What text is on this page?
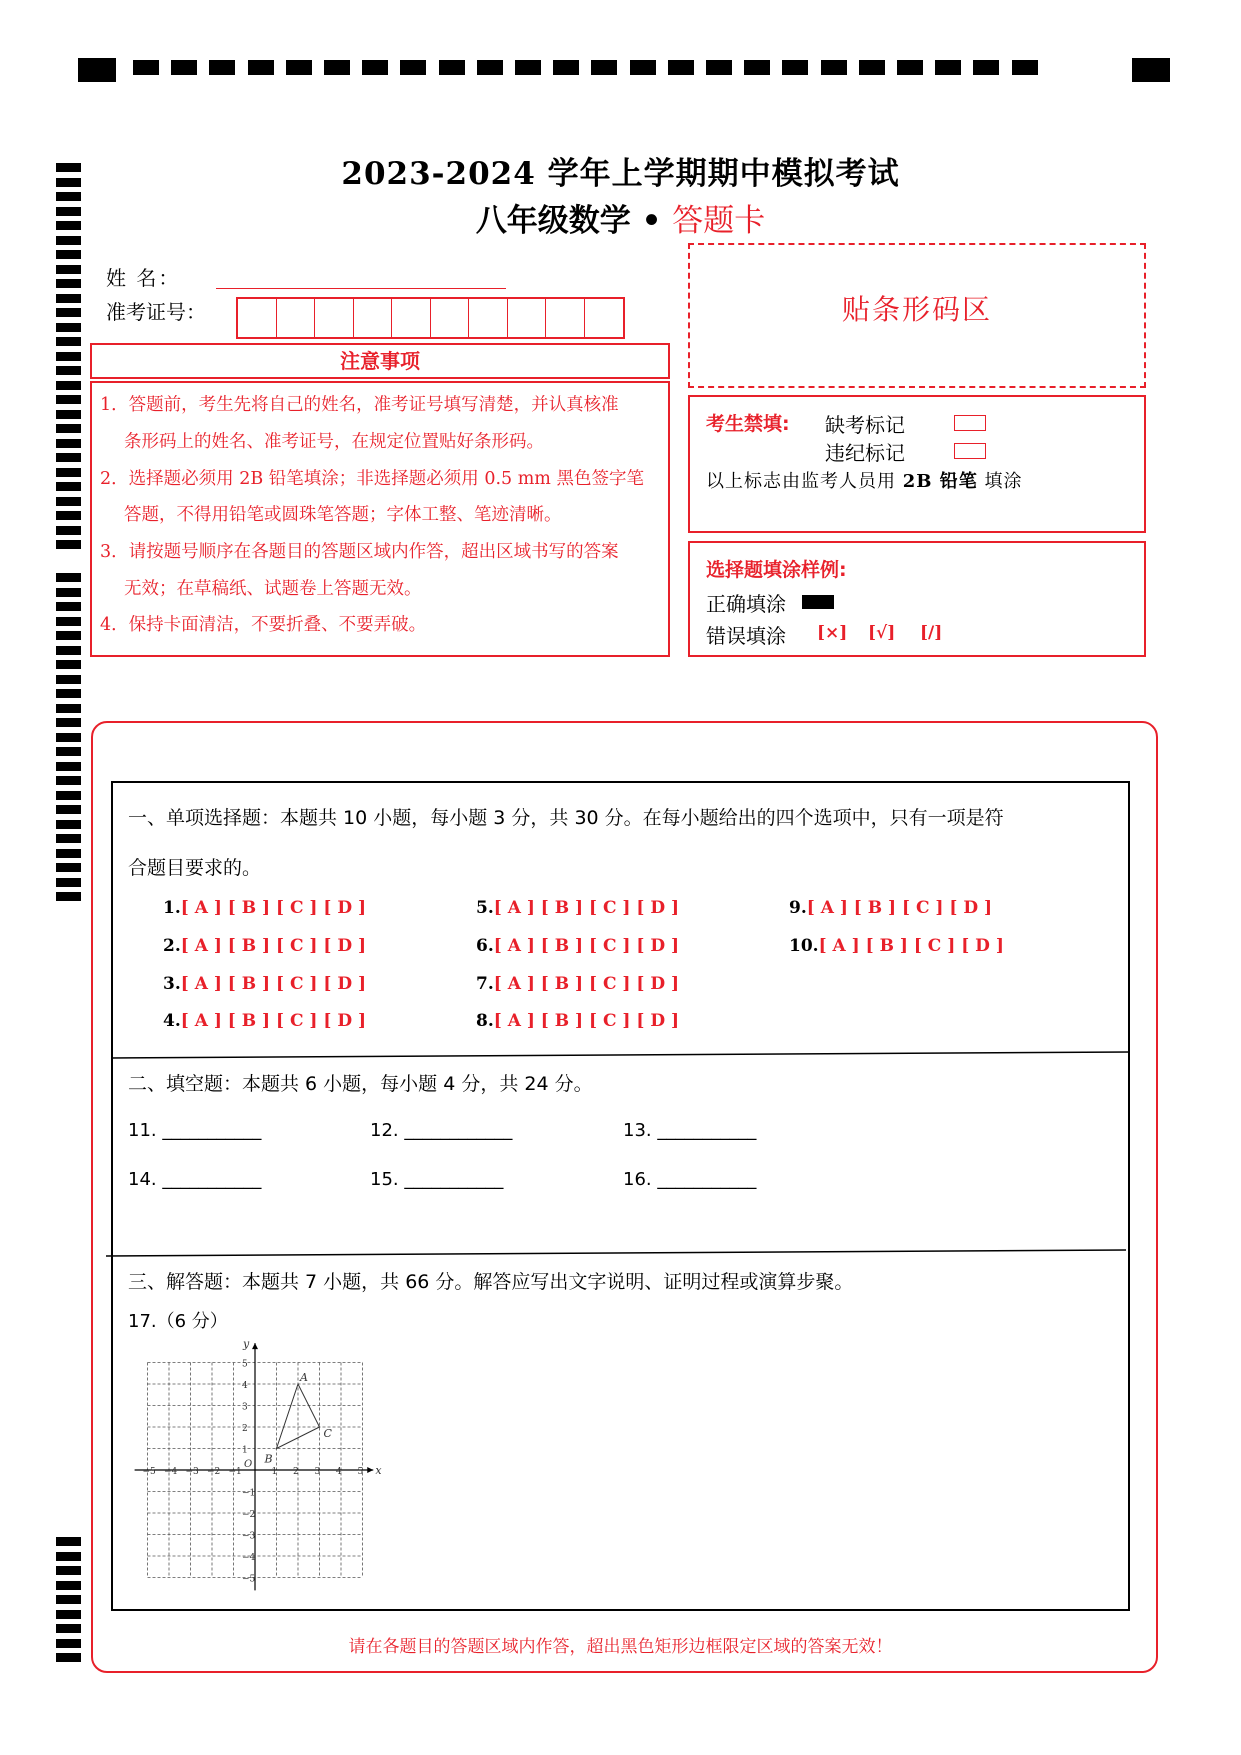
2023-2024 学年上学期期中模拟考试
八年级数学 • 答题卡
姓 名：
准考证号：
注意事项
1．答题前，考生先将自己的姓名，准考证号填写清楚，并认真核准
条形码上的姓名、准考证号，在规定位置贴好条形码。
2．选择题必须用 2B 铅笔填涂；非选择题必须用 0.5 mm 黑色签字笔
答题，不得用铅笔或圆珠笔答题；字体工整、笔迹清晰。
3．请按题号顺序在各题目的答题区域内作答，超出区域书写的答案
无效；在草稿纸、试题卷上答题无效。
4．保持卡面清洁，不要折叠、不要弄破。
贴条形码区
考生禁填: 缺考标记
违纪标记
以上标志由监考人员用 2B 铅笔 填涂
选择题填涂样例:
正确填涂
错误填涂 [×] [√] [/]
一、单项选择题：本题共 10 小题，每小题 3 分，共 30 分。在每小题给出的四个选项中，只有一项是符
合题目要求的。
1.[ A ] [ B ] [ C ] [ D ]
2.[ A ] [ B ] [ C ] [ D ]
3.[ A ] [ B ] [ C ] [ D ]
4.[ A ] [ B ] [ C ] [ D ]
5.[ A ] [ B ] [ C ] [ D ]
6.[ A ] [ B ] [ C ] [ D ]
7.[ A ] [ B ] [ C ] [ D ]
8.[ A ] [ B ] [ C ] [ D ]
9.[ A ] [ B ] [ C ] [ D ]
10.[ A ] [ B ] [ C ] [ D ]
二、填空题：本题共 6 小题，每小题 4 分，共 24 分。
11. ___________	12. ____________	13. ___________
14. ___________	15. ___________	16. ___________
三、解答题：本题共 7 小题，共 66 分。解答应写出文字说明、证明过程或演算步聚。
17.（6 分）
x
y
O
−5 −4 −3 −2 −1	1 2 3 4 5
5
4
3
2
1
−1
−2
−3
−4
−5
A
B
C
请在各题目的答题区域内作答，超出黑色矩形边框限定区域的答案无效！
